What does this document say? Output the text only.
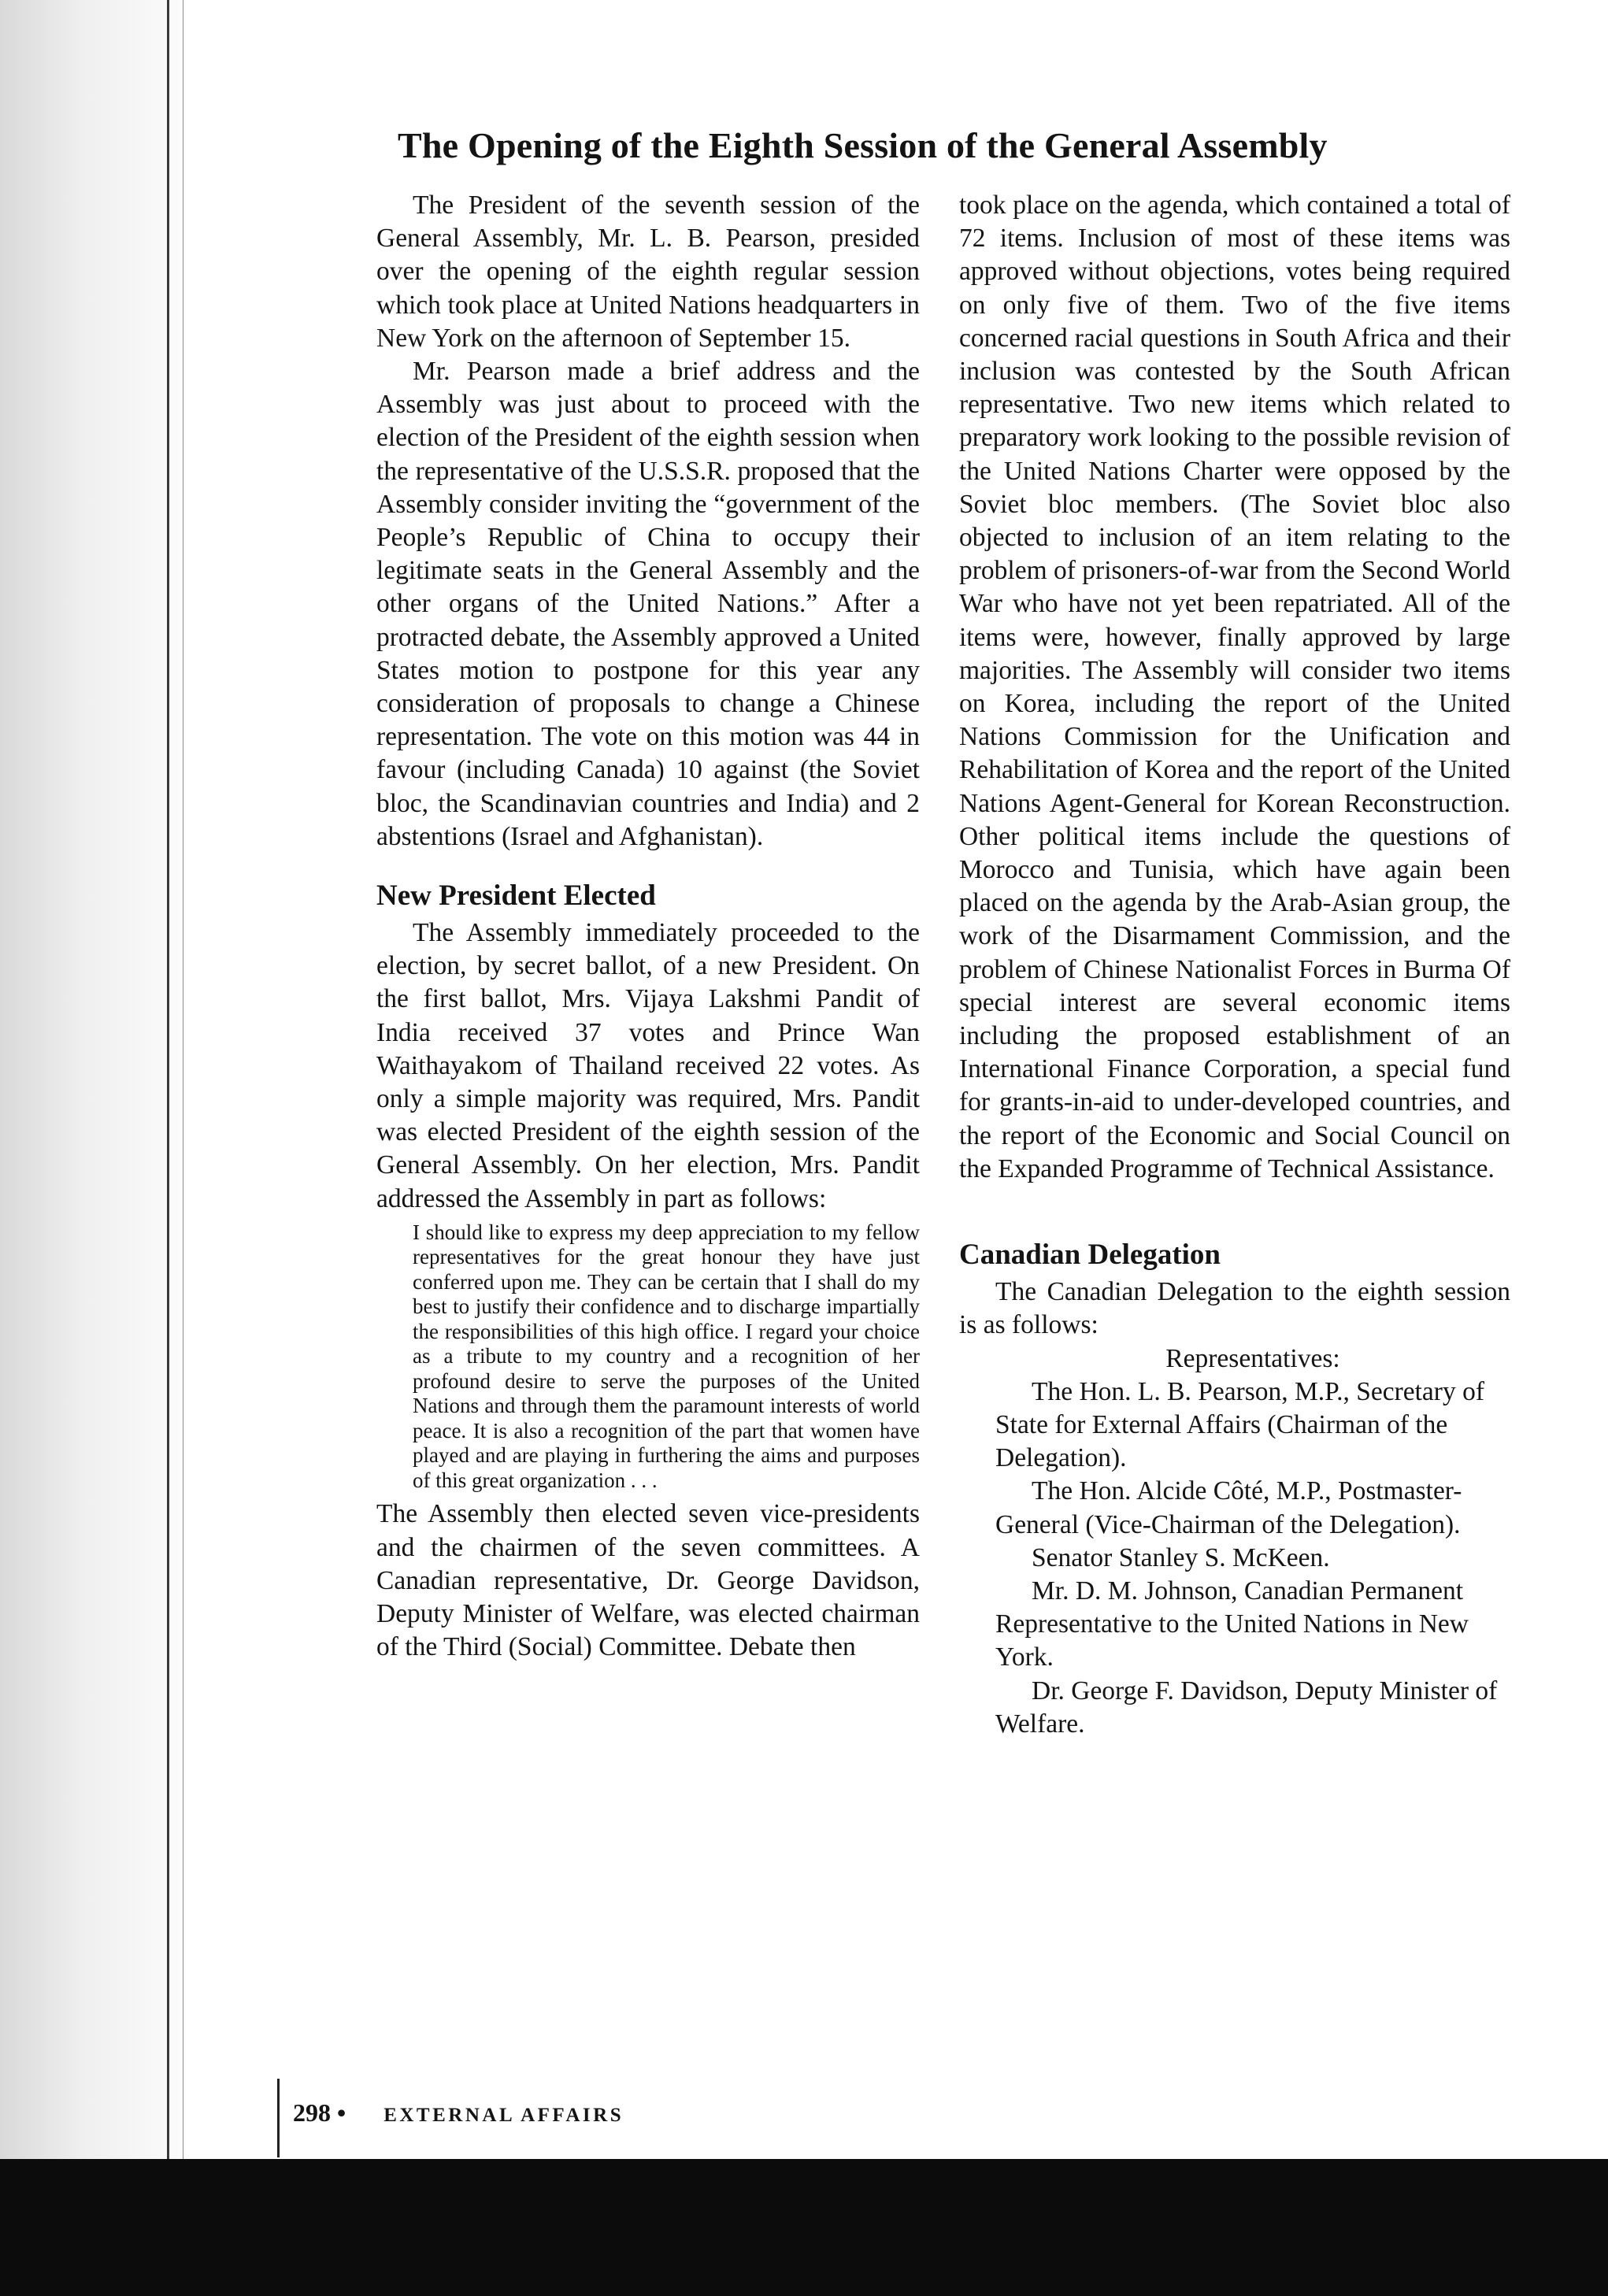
The Opening of the Eighth Session of the General Assembly

The President of the seventh session of the General Assembly, Mr. L. B. Pearson, presided over the opening of the eighth regular session which took place at United Nations headquarters in New York on the afternoon of September 15.

Mr. Pearson made a brief address and the Assembly was just about to proceed with the election of the President of the eighth session when the representative of the U.S.S.R. proposed that the Assembly consider inviting the “government of the People’s Republic of China to occupy their legitimate seats in the General Assembly and the other organs of the United Nations.” After a protracted debate, the Assembly approved a United States motion to postpone for this year any consideration of proposals to change a Chinese representation. The vote on this motion was 44 in favour (including Canada) 10 against (the Soviet bloc, the Scandinavian countries and India) and 2 abstentions (Israel and Afghanistan).

New President Elected

The Assembly immediately proceeded to the election, by secret ballot, of a new President. On the first ballot, Mrs. Vijaya Lakshmi Pandit of India received 37 votes and Prince Wan Waithayakom of Thailand received 22 votes. As only a simple majority was required, Mrs. Pandit was elected President of the eighth session of the General Assembly. On her election, Mrs. Pandit addressed the Assembly in part as follows:

I should like to express my deep appreciation to my fellow representatives for the great honour they have just conferred upon me. They can be certain that I shall do my best to justify their confidence and to discharge impartially the responsibilities of this high office. I regard your choice as a tribute to my country and a recognition of her profound desire to serve the purposes of the United Nations and through them the paramount interests of world peace. It is also a recognition of the part that women have played and are playing in furthering the aims and purposes of this great organization . . .

The Assembly then elected seven vice-presidents and the chairmen of the seven committees. A Canadian representative, Dr. George Davidson, Deputy Minister of Welfare, was elected chairman of the Third (Social) Committee. Debate then

took place on the agenda, which contained a total of 72 items. Inclusion of most of these items was approved without objections, votes being required on only five of them. Two of the five items concerned racial questions in South Africa and their inclusion was contested by the South African representative. Two new items which related to preparatory work looking to the possible revision of the United Nations Charter were opposed by the Soviet bloc members. (The Soviet bloc also objected to inclusion of an item relating to the problem of prisoners-of-war from the Second World War who have not yet been repatriated. All of the items were, however, finally approved by large majorities. The Assembly will consider two items on Korea, including the report of the United Nations Commission for the Unification and Rehabilitation of Korea and the report of the United Nations Agent-General for Korean Reconstruction. Other political items include the questions of Morocco and Tunisia, which have again been placed on the agenda by the Arab-Asian group, the work of the Disarmament Commission, and the problem of Chinese Nationalist Forces in Burma Of special interest are several economic items including the proposed establishment of an International Finance Corporation, a special fund for grants-in-aid to under-developed countries, and the report of the Economic and Social Council on the Expanded Programme of Technical Assistance.

Canadian Delegation

The Canadian Delegation to the eighth session is as follows:

Representatives:

The Hon. L. B. Pearson, M.P., Secretary of State for External Affairs (Chairman of the Delegation).

The Hon. Alcide Côté, M.P., Postmaster-General (Vice-Chairman of the Delegation).

Senator Stanley S. McKeen.

Mr. D. M. Johnson, Canadian Permanent Representative to the United Nations in New York.

Dr. George F. Davidson, Deputy Minister of Welfare.

298 • EXTERNAL AFFAIRS
